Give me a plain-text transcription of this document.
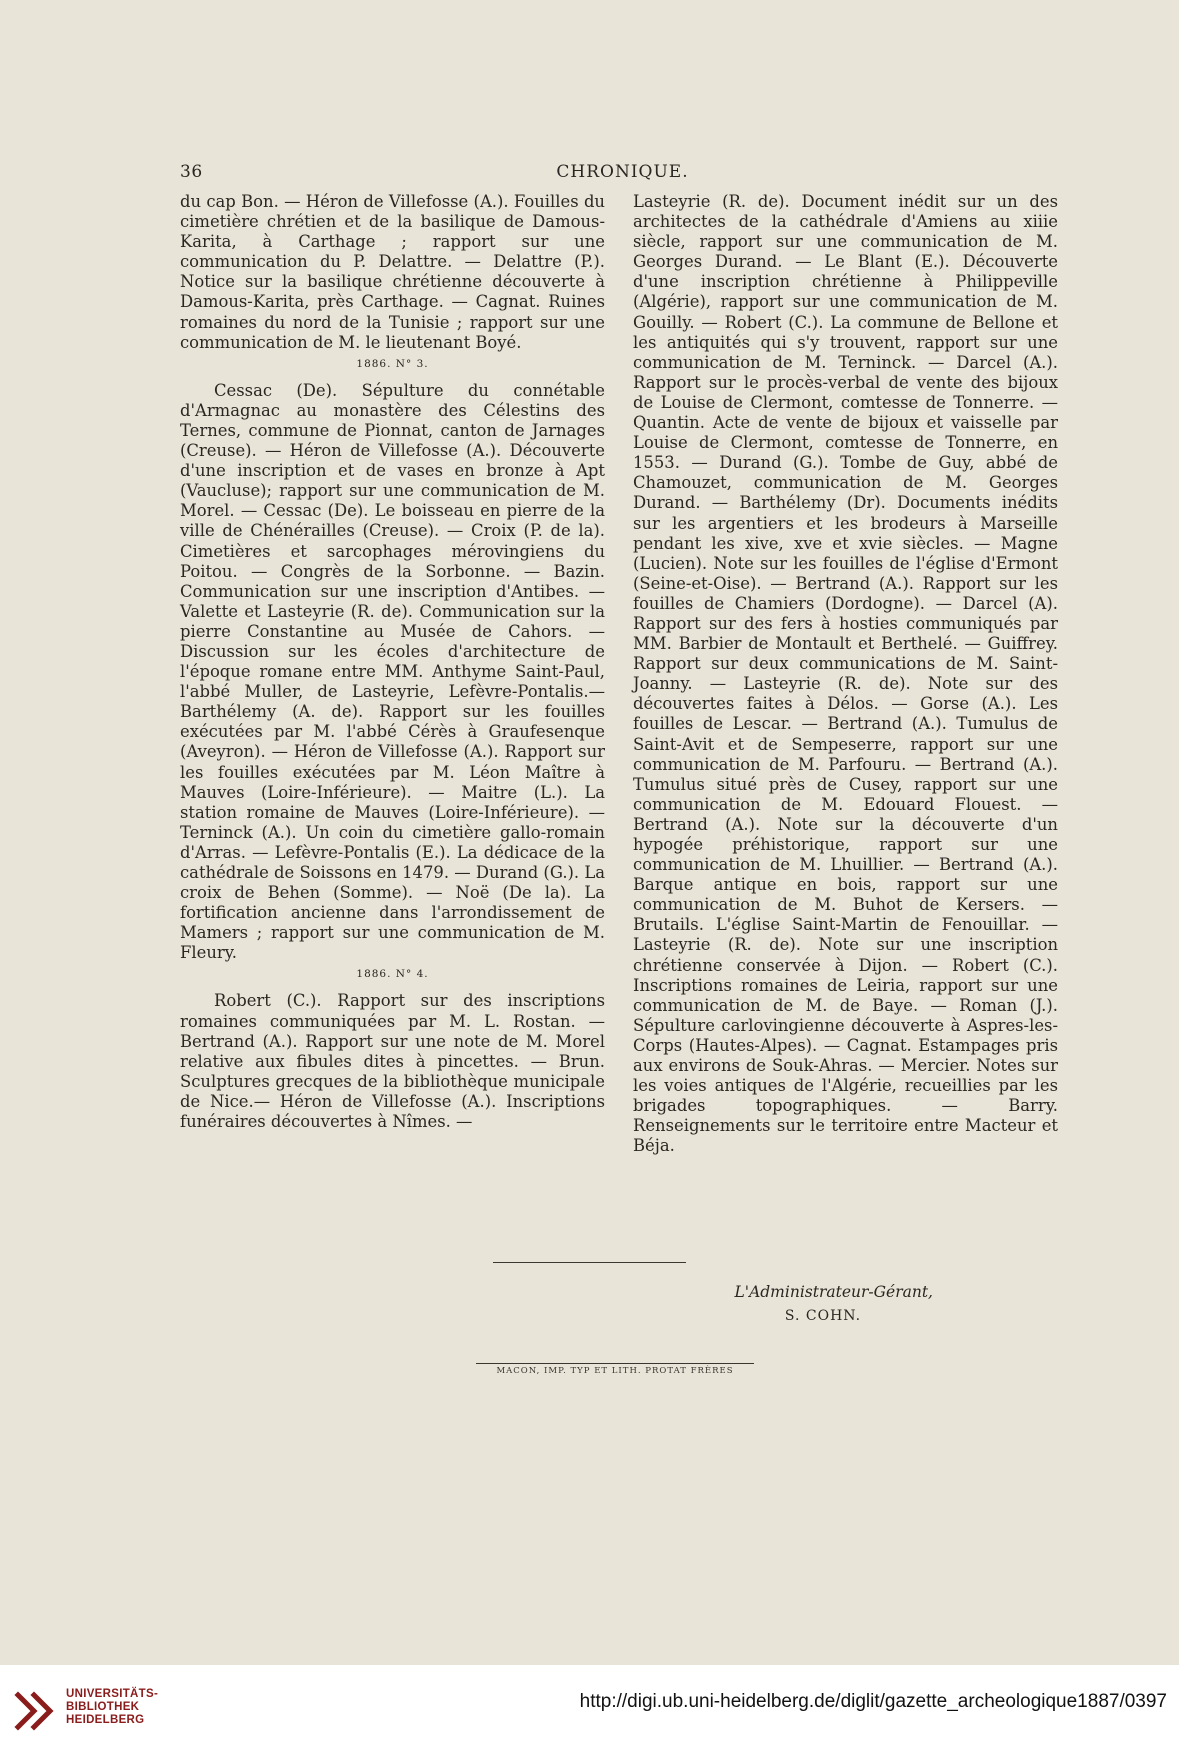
36	CHRONIQUE.

du cap Bon. — Héron de Villefosse (A.). Fouilles du cimetière chrétien et de la basilique de Damous-Karita, à Carthage ; rapport sur une communication du P. Delattre. — Delattre (P.). Notice sur la basilique chrétienne découverte à Damous-Karita, près Carthage. — Cagnat. Ruines romaines du nord de la Tunisie ; rapport sur une communication de M. le lieutenant Boyé.

1886. N° 3.

Cessac (De). Sépulture du connétable d'Armagnac au monastère des Célestins des Ternes, commune de Pionnat, canton de Jarnages (Creuse). — Héron de Villefosse (A.). Découverte d'une inscription et de vases en bronze à Apt (Vaucluse); rapport sur une communication de M. Morel. — Cessac (De). Le boisseau en pierre de la ville de Chénérailles (Creuse). — Croix (P. de la). Cimetières et sarcophages mérovingiens du Poitou. — Congrès de la Sorbonne. — Bazin. Communication sur une inscription d'Antibes. — Valette et Lasteyrie (R. de). Communication sur la pierre Constantine au Musée de Cahors. — Discussion sur les écoles d'architecture de l'époque romane entre MM. Anthyme Saint-Paul, l'abbé Muller, de Lasteyrie, Lefèvre-Pontalis.—Barthélemy (A. de). Rapport sur les fouilles exécutées par M. l'abbé Cérès à Graufesenque (Aveyron). — Héron de Villefosse (A.). Rapport sur les fouilles exécutées par M. Léon Maître à Mauves (Loire-Inférieure). — Maitre (L.). La station romaine de Mauves (Loire-Inférieure). — Terninck (A.). Un coin du cimetière gallo-romain d'Arras. — Lefèvre-Pontalis (E.). La dédicace de la cathédrale de Soissons en 1479. — Durand (G.). La croix de Behen (Somme). — Noë (De la). La fortification ancienne dans l'arrondissement de Mamers ; rapport sur une communication de M. Fleury.

1886. N° 4.

Robert (C.). Rapport sur des inscriptions romaines communiquées par M. L. Rostan. — Bertrand (A.). Rapport sur une note de M. Morel relative aux fibules dites à pincettes. — Brun. Sculptures grecques de la bibliothèque municipale de Nice.— Héron de Villefosse (A.). Inscriptions funéraires découvertes à Nîmes. —

Lasteyrie (R. de). Document inédit sur un des architectes de la cathédrale d'Amiens au xiiie siècle, rapport sur une communication de M. Georges Durand. — Le Blant (E.). Découverte d'une inscription chrétienne à Philippeville (Algérie), rapport sur une communication de M. Gouilly. — Robert (C.). La commune de Bellone et les antiquités qui s'y trouvent, rapport sur une communication de M. Terninck. — Darcel (A.). Rapport sur le procès-verbal de vente des bijoux de Louise de Clermont, comtesse de Tonnerre. — Quantin. Acte de vente de bijoux et vaisselle par Louise de Clermont, comtesse de Tonnerre, en 1553. — Durand (G.). Tombe de Guy, abbé de Chamouzet, communication de M. Georges Durand. — Barthélemy (Dr). Documents inédits sur les argentiers et les brodeurs à Marseille pendant les xive, xve et xvie siècles. — Magne (Lucien). Note sur les fouilles de l'église d'Ermont (Seine-et-Oise). — Bertrand (A.). Rapport sur les fouilles de Chamiers (Dordogne). — Darcel (A). Rapport sur des fers à hosties communiqués par MM. Barbier de Montault et Berthelé. — Guiffrey. Rapport sur deux communications de M. Saint-Joanny. — Lasteyrie (R. de). Note sur des découvertes faites à Délos. — Gorse (A.). Les fouilles de Lescar. — Bertrand (A.). Tumulus de Saint-Avit et de Sempeserre, rapport sur une communication de M. Parfouru. — Bertrand (A.). Tumulus situé près de Cusey, rapport sur une communication de M. Edouard Flouest. — Bertrand (A.). Note sur la découverte d'un hypogée préhistorique, rapport sur une communication de M. Lhuillier. — Bertrand (A.). Barque antique en bois, rapport sur une communication de M. Buhot de Kersers. — Brutails. L'église Saint-Martin de Fenouillar. — Lasteyrie (R. de). Note sur une inscription chrétienne conservée à Dijon. — Robert (C.). Inscriptions romaines de Leiria, rapport sur une communication de M. de Baye. — Roman (J.). Sépulture carlovingienne découverte à Aspres-les-Corps (Hautes-Alpes). — Cagnat. Estampages pris aux environs de Souk-Ahras. — Mercier. Notes sur les voies antiques de l'Algérie, recueillies par les brigades topographiques. — Barry. Renseignements sur le territoire entre Macteur et Béja.

L'Administrateur-Gérant,
S. COHN.
MACON, IMP. TYP ET LITH. PROTAT FRÈRES
UNIVERSITÄTS-
BIBLIOTHEK
HEIDELBERG
http://digi.ub.uni-heidelberg.de/diglit/gazette_archeologique1887/0397
